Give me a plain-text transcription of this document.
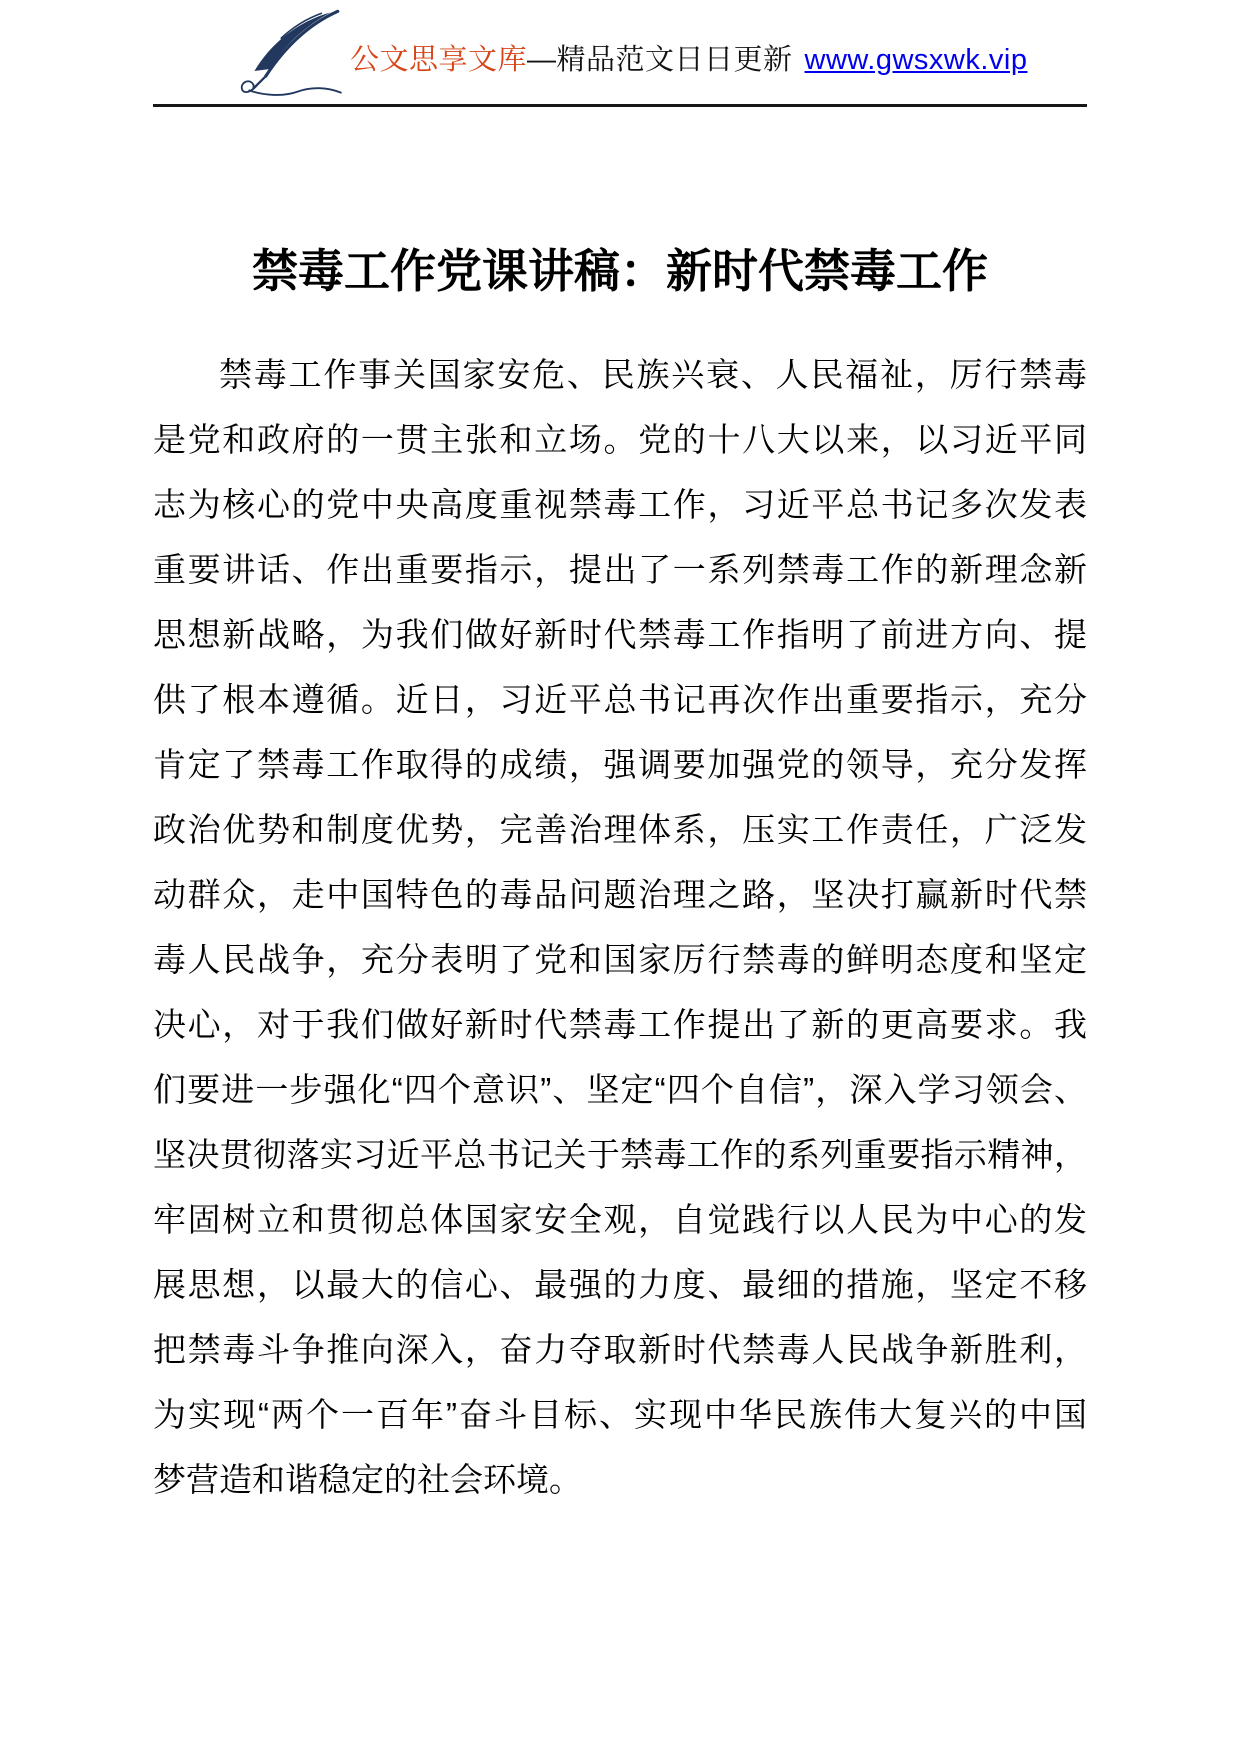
公文思享文库—精品范文日日更新 www.gwsxwk.vip
禁毒工作党课讲稿：新时代禁毒工作
禁毒工作事关国家安危、民族兴衰、人民福祉，厉行禁毒
是党和政府的一贯主张和立场。党的十八大以来，以习近平同
志为核心的党中央高度重视禁毒工作，习近平总书记多次发表
重要讲话、作出重要指示，提出了一系列禁毒工作的新理念新
思想新战略，为我们做好新时代禁毒工作指明了前进方向、提
供了根本遵循。近日，习近平总书记再次作出重要指示，充分
肯定了禁毒工作取得的成绩，强调要加强党的领导，充分发挥
政治优势和制度优势，完善治理体系，压实工作责任，广泛发
动群众，走中国特色的毒品问题治理之路，坚决打赢新时代禁
毒人民战争，充分表明了党和国家厉行禁毒的鲜明态度和坚定
决心，对于我们做好新时代禁毒工作提出了新的更高要求。我
们要进一步强化“四个意识”、坚定“四个自信”，深入学习领会、
坚决贯彻落实习近平总书记关于禁毒工作的系列重要指示精神，
牢固树立和贯彻总体国家安全观，自觉践行以人民为中心的发
展思想，以最大的信心、最强的力度、最细的措施，坚定不移
把禁毒斗争推向深入，奋力夺取新时代禁毒人民战争新胜利，
为实现“两个一百年”奋斗目标、实现中华民族伟大复兴的中国
梦营造和谐稳定的社会环境。
